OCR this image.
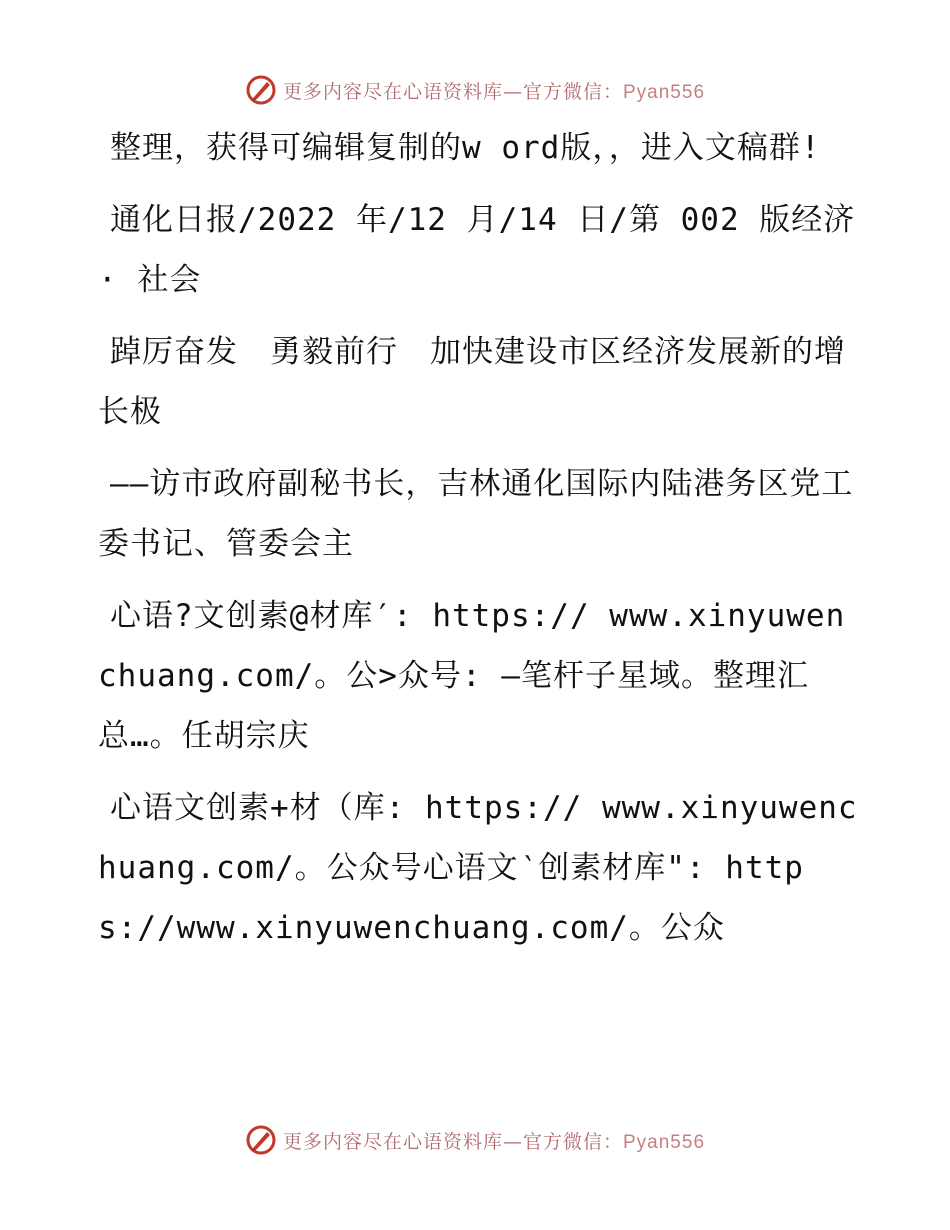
更多内容尽在心语资料库—官方微信：Pyan556

整理，获得可编辑复制的w ord版，，进入文稿群!

通化日报/2022 年/12 月/14 日/第 002 版经济 · 社会

踔厉奋发　勇毅前行　加快建设市区经济发展新的增长极

——访市政府副秘书长，吉林通化国际内陆港务区党工委书记、管委会主

心语?文创素@材库′: https:// www.xinyuwenchuang.com/。公>众号: —笔杆子星域。整理汇总…。任胡宗庆

心语文创素+材（库: https:// www.xinyuwenchuang.com/。公众号心语文‵创素材库": https://www.xinyuwenchuang.com/。公众

更多内容尽在心语资料库—官方微信：Pyan556
